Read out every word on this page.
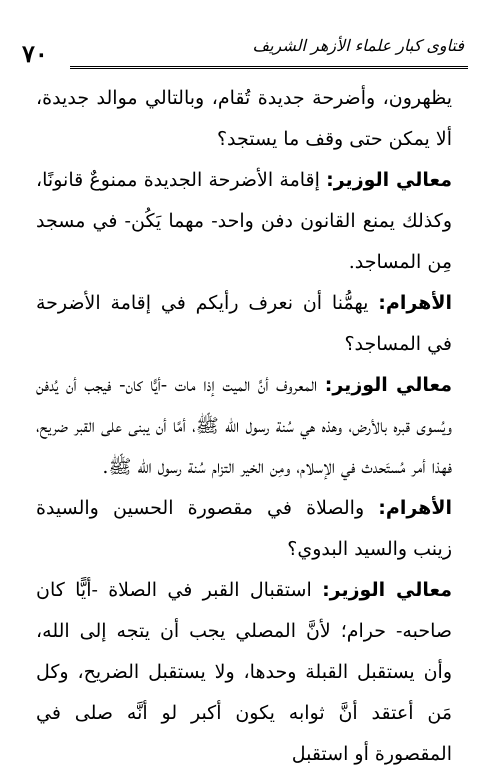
٧٠	فتاوى كبار علماء الأزهر الشريف

يظهرون، وأضرحة جديدة تُقام، وبالتالي موالد جديدة، ألا يمكن حتى وقف ما يستجد؟

معالي الوزير: إقامة الأضرحة الجديدة ممنوعٌ قانونًا، وكذلك يمنع القانون دفن واحد- مهما يَكُن- في مسجد مِن المساجد.

الأهرام: يهمُّنا أن نعرف رأيكم في إقامة الأضرحة في المساجد؟

معالي الوزير: المعروف أنَّ الميت إذا مات -أيًّا كان- فيجب أن يُدفن ويُسوى قبره بالأرض، وهذه هي سُنة رسول الله ﷺ، أمَّا أن يبنى على القبر ضريح، فهذا أمر مُستَحدث في الإسلام، ومِن الخير التزام سُنة رسول الله ﷺ.

الأهرام: والصلاة في مقصورة الحسين والسيدة زينب والسيد البدوي؟

معالي الوزير: استقبال القبر في الصلاة -أيًّا كان صاحبه- حرام؛ لأنَّ المصلي يجب أن يتجه إلى الله، وأن يستقبل القبلة وحدها، ولا يستقبل الضريح، وكل مَن أعتقد أنَّ ثوابه يكون أكبر لو أنَّه صلى في المقصورة أو استقبل
